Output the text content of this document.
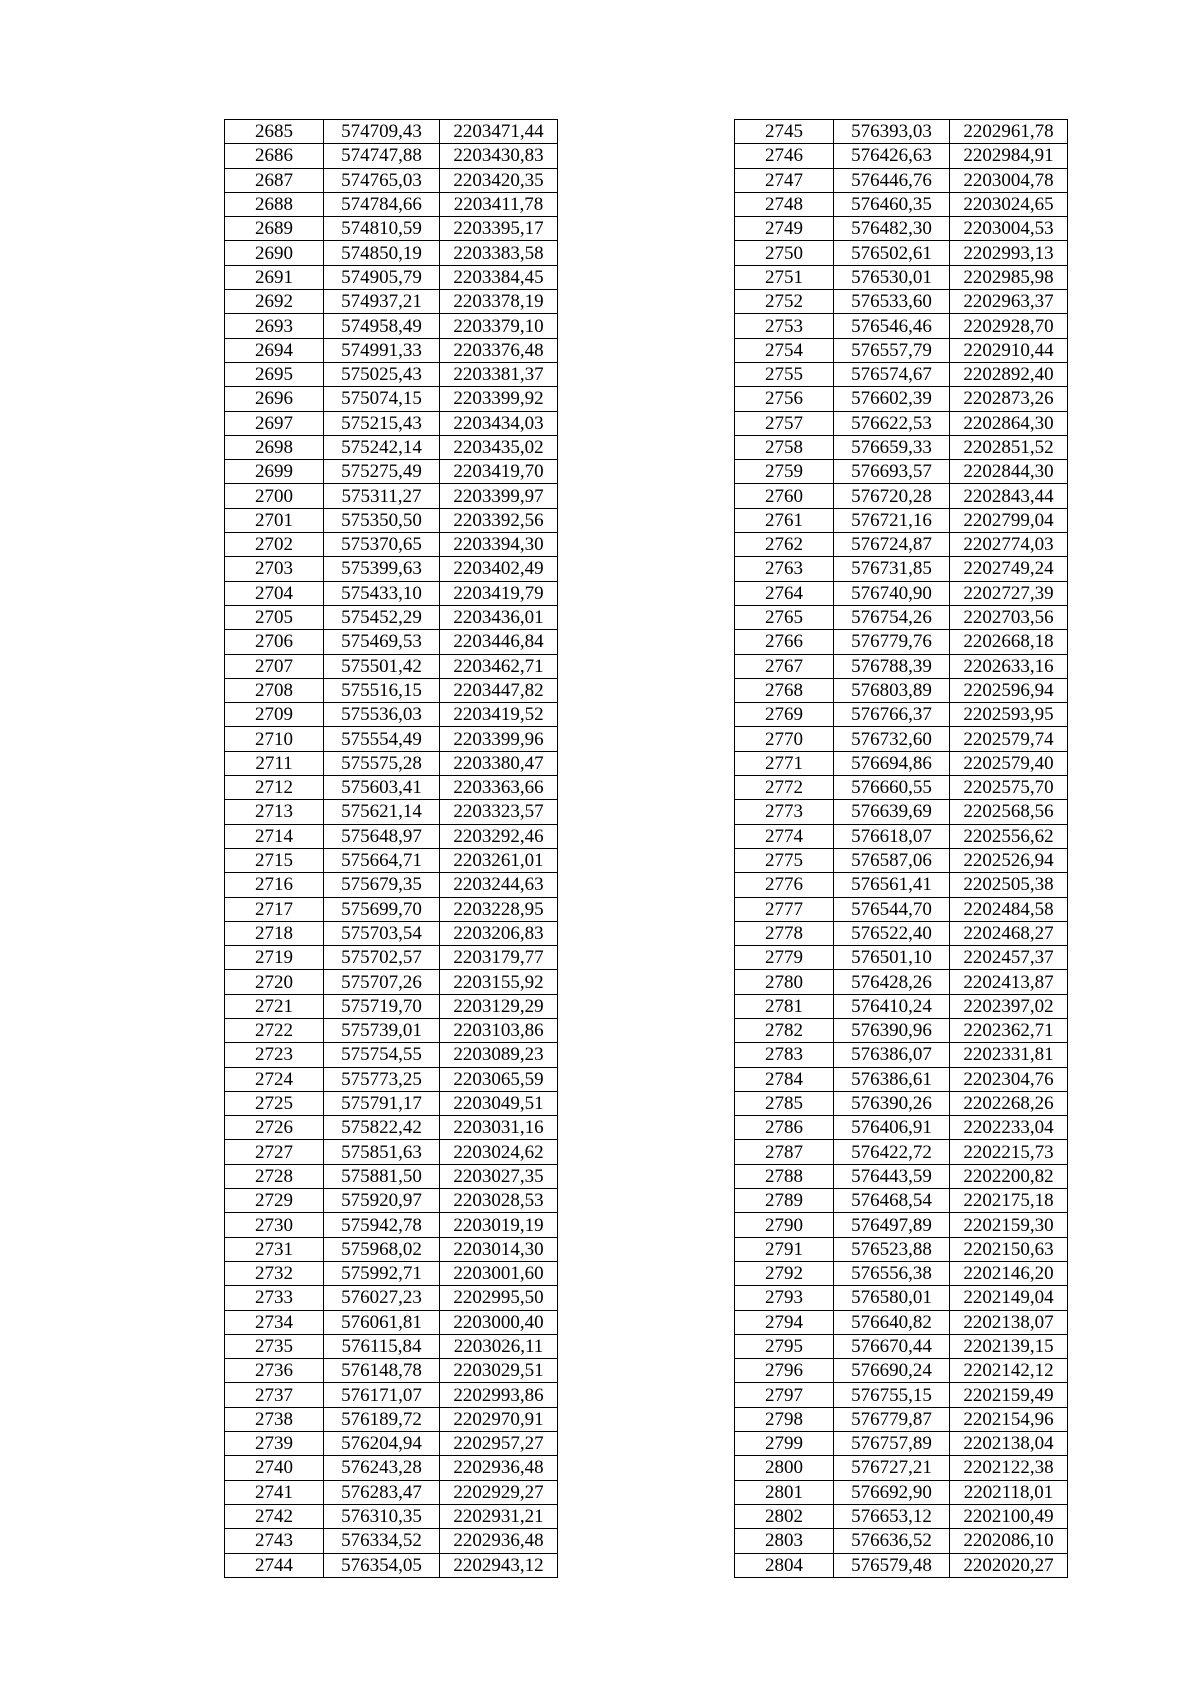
2685	574709,43	2203471,44
2686	574747,88	2203430,83
2687	574765,03	2203420,35
2688	574784,66	2203411,78
2689	574810,59	2203395,17
2690	574850,19	2203383,58
2691	574905,79	2203384,45
2692	574937,21	2203378,19
2693	574958,49	2203379,10
2694	574991,33	2203376,48
2695	575025,43	2203381,37
2696	575074,15	2203399,92
2697	575215,43	2203434,03
2698	575242,14	2203435,02
2699	575275,49	2203419,70
2700	575311,27	2203399,97
2701	575350,50	2203392,56
2702	575370,65	2203394,30
2703	575399,63	2203402,49
2704	575433,10	2203419,79
2705	575452,29	2203436,01
2706	575469,53	2203446,84
2707	575501,42	2203462,71
2708	575516,15	2203447,82
2709	575536,03	2203419,52
2710	575554,49	2203399,96
2711	575575,28	2203380,47
2712	575603,41	2203363,66
2713	575621,14	2203323,57
2714	575648,97	2203292,46
2715	575664,71	2203261,01
2716	575679,35	2203244,63
2717	575699,70	2203228,95
2718	575703,54	2203206,83
2719	575702,57	2203179,77
2720	575707,26	2203155,92
2721	575719,70	2203129,29
2722	575739,01	2203103,86
2723	575754,55	2203089,23
2724	575773,25	2203065,59
2725	575791,17	2203049,51
2726	575822,42	2203031,16
2727	575851,63	2203024,62
2728	575881,50	2203027,35
2729	575920,97	2203028,53
2730	575942,78	2203019,19
2731	575968,02	2203014,30
2732	575992,71	2203001,60
2733	576027,23	2202995,50
2734	576061,81	2203000,40
2735	576115,84	2203026,11
2736	576148,78	2203029,51
2737	576171,07	2202993,86
2738	576189,72	2202970,91
2739	576204,94	2202957,27
2740	576243,28	2202936,48
2741	576283,47	2202929,27
2742	576310,35	2202931,21
2743	576334,52	2202936,48
2744	576354,05	2202943,12
2745	576393,03	2202961,78
2746	576426,63	2202984,91
2747	576446,76	2203004,78
2748	576460,35	2203024,65
2749	576482,30	2203004,53
2750	576502,61	2202993,13
2751	576530,01	2202985,98
2752	576533,60	2202963,37
2753	576546,46	2202928,70
2754	576557,79	2202910,44
2755	576574,67	2202892,40
2756	576602,39	2202873,26
2757	576622,53	2202864,30
2758	576659,33	2202851,52
2759	576693,57	2202844,30
2760	576720,28	2202843,44
2761	576721,16	2202799,04
2762	576724,87	2202774,03
2763	576731,85	2202749,24
2764	576740,90	2202727,39
2765	576754,26	2202703,56
2766	576779,76	2202668,18
2767	576788,39	2202633,16
2768	576803,89	2202596,94
2769	576766,37	2202593,95
2770	576732,60	2202579,74
2771	576694,86	2202579,40
2772	576660,55	2202575,70
2773	576639,69	2202568,56
2774	576618,07	2202556,62
2775	576587,06	2202526,94
2776	576561,41	2202505,38
2777	576544,70	2202484,58
2778	576522,40	2202468,27
2779	576501,10	2202457,37
2780	576428,26	2202413,87
2781	576410,24	2202397,02
2782	576390,96	2202362,71
2783	576386,07	2202331,81
2784	576386,61	2202304,76
2785	576390,26	2202268,26
2786	576406,91	2202233,04
2787	576422,72	2202215,73
2788	576443,59	2202200,82
2789	576468,54	2202175,18
2790	576497,89	2202159,30
2791	576523,88	2202150,63
2792	576556,38	2202146,20
2793	576580,01	2202149,04
2794	576640,82	2202138,07
2795	576670,44	2202139,15
2796	576690,24	2202142,12
2797	576755,15	2202159,49
2798	576779,87	2202154,96
2799	576757,89	2202138,04
2800	576727,21	2202122,38
2801	576692,90	2202118,01
2802	576653,12	2202100,49
2803	576636,52	2202086,10
2804	576579,48	2202020,27
